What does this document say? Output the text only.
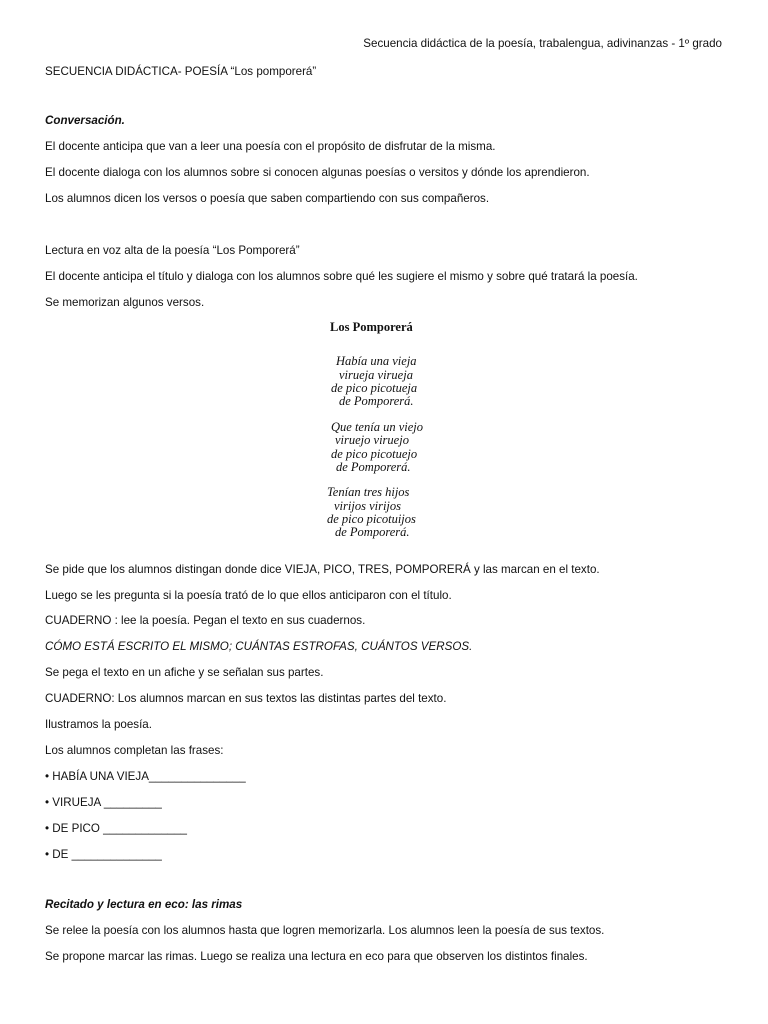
Secuencia didáctica de la poesía, trabalengua, adivinanzas - 1º grado
SECUENCIA DIDÁCTICA- POESÍA “Los pomporerá”
Conversación.
El docente anticipa que van a leer una poesía con el propósito de disfrutar de la misma.
El docente dialoga con los alumnos sobre si conocen algunas poesías o versitos y dónde los aprendieron.
Los alumnos dicen los versos o poesía que saben compartiendo con sus compañeros.
Lectura en voz alta de la poesía “Los Pomporerá”
El docente anticipa el título y dialoga con los alumnos sobre qué les sugiere el mismo y sobre qué tratará la poesía.
Se memorizan algunos versos.
Los Pomporerá
Había una vieja
virueja virueja
de pico picotueja
de Pomporerá.
Que tenía un viejo
viruejo viruejo
de pico picotuejo
de Pomporerá.
Tenían tres hijos
virijos virijos
de pico picotuijos
de Pomporerá.
Se pide que los alumnos distingan donde dice VIEJA, PICO, TRES, POMPORERÁ y las marcan en el texto.
Luego se les pregunta si la poesía trató de lo que ellos anticiparon con el título.
CUADERNO : lee la poesía. Pegan el texto en sus cuadernos.
CÓMO ESTÁ ESCRITO EL MISMO; CUÁNTAS ESTROFAS, CUÁNTOS VERSOS.
Se pega el texto en un afiche y se señalan sus partes.
CUADERNO: Los alumnos marcan en sus textos las distintas partes del texto.
Ilustramos la poesía.
Los alumnos completan las frases:
• HABÍA UNA VIEJA_______________
• VIRUEJA _________
• DE PICO _____________
• DE ______________
Recitado y lectura en eco: las rimas
Se relee la poesía con los alumnos hasta que logren memorizarla. Los alumnos leen la poesía de sus textos.
Se propone marcar las rimas. Luego se realiza una lectura en eco para que observen los distintos finales.
